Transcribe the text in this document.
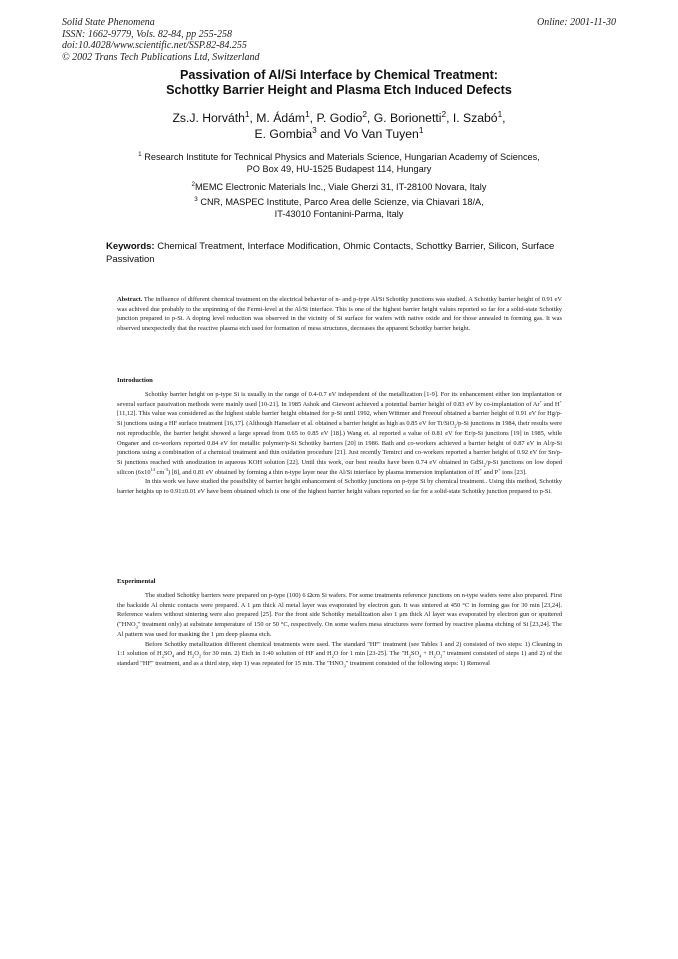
Solid State Phenomena
ISSN: 1662-9779, Vols. 82-84, pp 255-258
doi:10.4028/www.scientific.net/SSP.82-84.255
© 2002 Trans Tech Publications Ltd, Switzerland
Online: 2001-11-30
Passivation of Al/Si Interface by Chemical Treatment:
Schottky Barrier Height and Plasma Etch Induced Defects
Zs.J. Horváth$^1$, M. Ádám$^1$, P. Godio$^2$, G. Borionetti$^2$, I. Szabó$^1$,
E. Gombia$^3$ and Vo Van Tuyen$^1$
$^1$ Research Institute for Technical Physics and Materials Science, Hungarian Academy of Sciences,
PO Box 49, HU-1525 Budapest 114, Hungary
$^2$MEMC Electronic Materials Inc., Viale Gherzi 31, IT-28100 Novara, Italy
$^3$ CNR, MASPEC Institute, Parco Area delle Scienze, via Chiavari 18/A,
IT-43010 Fontanini-Parma, Italy
Keywords: Chemical Treatment, Interface Modification, Ohmic Contacts, Schottky Barrier, Silicon, Surface Passivation

Abstract. The influence of different chemical treatment on the electrical behaviur of n- and p-type Al/Si Schottky junctions was studied. A Schottky barrier height of 0.91 eV was achived due probably to the unpinning of the Fermi-level at the Al/Si interface. This is one of the highest barrier height values reported so far for a solid-state Schottky junction prepared to p-Si. A doping level reduction was observed in the vicinity of Si surface for wafers with native oxide and for those annealed in forming gas. It was observed unexpectedly that the reactive plasma etch used for formation of mesa structures, decreases the apparent Schottky barrier height.

Introduction

Schottky barrier height on p-type Si is usually in the range of 0.4-0.7 eV independent of the metallization [1-9]. For its enhancement either ion implantation or several surface passivation methods were mainly used [10-21]. In 1985 Ashok and Giewont achieved a potential barrier height of 0.83 eV by co-implantation of Ar+ and H+ [11,12]. This value was considered as the highest stable barrier height obtained for p-Si until 1992, when Wittmer and Freeouf obtained a barrier height of 0.91 eV for Hg/p-Si junctions using a HF surface treatment [16,17]. (Although Hanselaer et al. obtained a barrier height as high as 0.85 eV for Ti/SiO$_2$/p-Si junctions in 1984, their results were not reproducible, the barrier height showed a large spread from 0.65 to 0.85 eV [18].) Wang et. al reported a value of 0.81 eV for Er/p-Si junctions [19] in 1985, while Onganer and co-workers reported 0.84 eV for metallic polymer/p-Si Schottky barriers [20] in 1986. Bath and co-workers achieved a barrier height of 0.87 eV in Al/p-Si junctions using a combination of a chemical treatment and thin oxidation procedure [21]. Just recently Temirci and co-workers reported a barrier height of 0.92 eV for Sn/p-Si junctions reached with anodization in aqueous KOH solution [22]. Until this work, our best results have been 0.74 eV obtained in GdSi$_2$/p-Si junctions on low doped silicon ($6x10^{14}$ $cm^{-3}$) [8], and 0.81 eV obtained by forming a thin n-type layer near the Al/Si interface by plasma immersion implantation of H+ and P+ ions [23].

In this work we have studied the possibility of barrier height enhancement of Schottky junctions on p-type Si by chemical treatment.. Using this method, Schottky barrier heights up to 0.91±0.01 eV have been obtained which is one of the highest barrier height values reported so far for a solid-state Schottky junction prepared to p-Si.

Experimental

The studied Schottky barriers were prepared on p-type (100) 6 Ωcm Si wafers. For some treatments reference junctions on n-type wafers were also prepared. First the backside Al ohmic contacts were prepared. A 1 μm thick Al metal layer was evaporated by electron gun. It was sintered at 450 °C in forming gas for 30 min [23,24]. Reference wafers without sintering were also prepared [25]. For the front side Schottky metallization also 1 μm thick Al layer was evaporated by electron gun or sputtered ("$HNO_3$" treatment only) at substrate temperature of 150 or 50 °C, respectively. On some wafers mesa structures were formed by reactive plasma etching of Si [23,24]. The Al pattern was used for masking the 1 μm deep plasma etch.

Before Schottky metallization different chemical treatments were used. The standard "HF" treatment (see Tables 1 and 2) consisted of two steps: 1) Cleaning in 1:1 solution of $H_2SO_4$ and $H_2O_2$ for 30 min. 2) Etch in 1:40 solution of HF and $H_2O$ for 1 min [23-25]. The "$H_2SO_4 + H_2O_2$" treatment consisted of steps 1) and 2) of the standard "HF" treatment, and as a third step, step 1) was repeated for 15 min. The "$HNO_3$" treatment consisted of the following steps: 1) Removal
